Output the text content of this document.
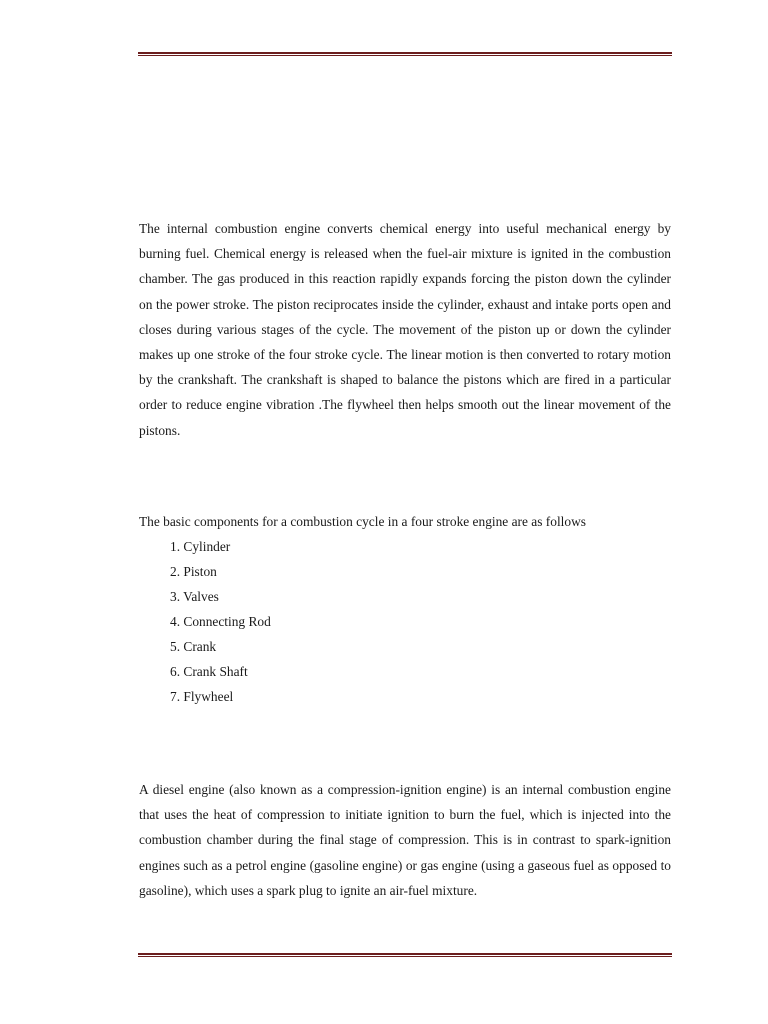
The internal combustion engine converts chemical energy into useful mechanical energy by burning fuel. Chemical energy is released when the fuel-air mixture is ignited in the combustion chamber. The gas produced in this reaction rapidly expands forcing the piston down the cylinder on the power stroke. The piston reciprocates inside the cylinder, exhaust and intake ports open and closes during various stages of the cycle. The movement of the piston up or down the cylinder makes up one stroke of the four stroke cycle. The linear motion is then converted to rotary motion by the crankshaft. The crankshaft is shaped to balance the pistons which are fired in a particular order to reduce engine vibration .The flywheel then helps smooth out the linear movement of the pistons.

The basic components for a combustion cycle in a four stroke engine are as follows

1. Cylinder
2. Piston
3. Valves
4. Connecting Rod
5. Crank
6. Crank Shaft
7. Flywheel

A diesel engine (also known as a compression-ignition engine) is an internal combustion engine that uses the heat of compression to initiate ignition to burn the fuel, which is injected into the combustion chamber during the final stage of compression. This is in contrast to spark-ignition engines such as a petrol engine (gasoline engine) or gas engine (using a gaseous fuel as opposed to gasoline), which uses a spark plug to ignite an air-fuel mixture.
